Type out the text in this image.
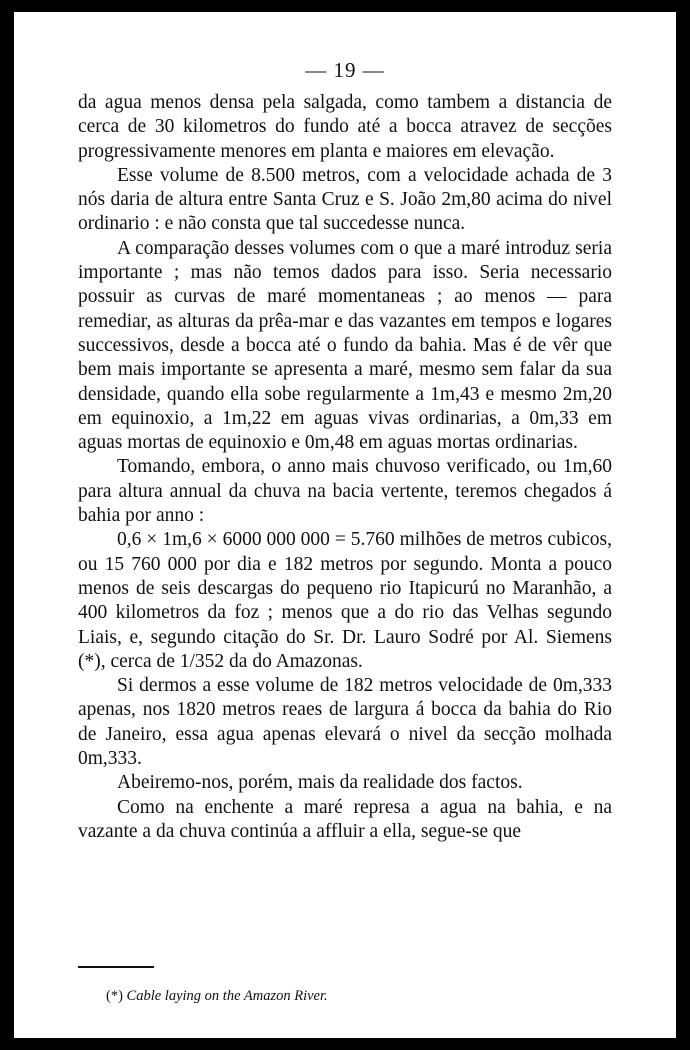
— 19 —

da agua menos densa pela salgada, como tambem a distancia de cerca de 30 kilometros do fundo até a bocca atravez de secções progressivamente menores em planta e maiores em elevação.

Esse volume de 8.500 metros, com a velocidade achada de 3 nós daria de altura entre Santa Cruz e S. João 2m,80 acima do nivel ordinario : e não consta que tal succedesse nunca.

A comparação desses volumes com o que a maré introduz seria importante ; mas não temos dados para isso. Seria necessario possuir as curvas de maré momentaneas ; ao menos — para remediar, as alturas da prêa-mar e das vazantes em tempos e logares successivos, desde a bocca até o fundo da bahia. Mas é de vêr que bem mais importante se apresenta a maré, mesmo sem falar da sua densidade, quando ella sobe regularmente a 1m,43 e mesmo 2m,20 em equinoxio, a 1m,22 em aguas vivas ordinarias, a 0m,33 em aguas mortas de equinoxio e 0m,48 em aguas mortas ordinarias.

Tomando, embora, o anno mais chuvoso verificado, ou 1m,60 para altura annual da chuva na bacia vertente, teremos chegados á bahia por anno :

0,6 × 1m,6 × 6000 000 000 = 5.760 milhões de metros cubicos, ou 15 760 000 por dia e 182 metros por segundo. Monta a pouco menos de seis descargas do pequeno rio Itapicurú no Maranhão, a 400 kilometros da foz ; menos que a do rio das Velhas segundo Liais, e, segundo citação do Sr. Dr. Lauro Sodré por Al. Siemens (*), cerca de 1/352 da do Amazonas.

Si dermos a esse volume de 182 metros velocidade de 0m,333 apenas, nos 1820 metros reaes de largura á bocca da bahia do Rio de Janeiro, essa agua apenas elevará o nivel da secção molhada 0m,333.

Abeiremo-nos, porém, mais da realidade dos factos.

Como na enchente a maré represa a agua na bahia, e na vazante a da chuva continúa a affluir a ella, segue-se que

(*) Cable laying on the Amazon River.
